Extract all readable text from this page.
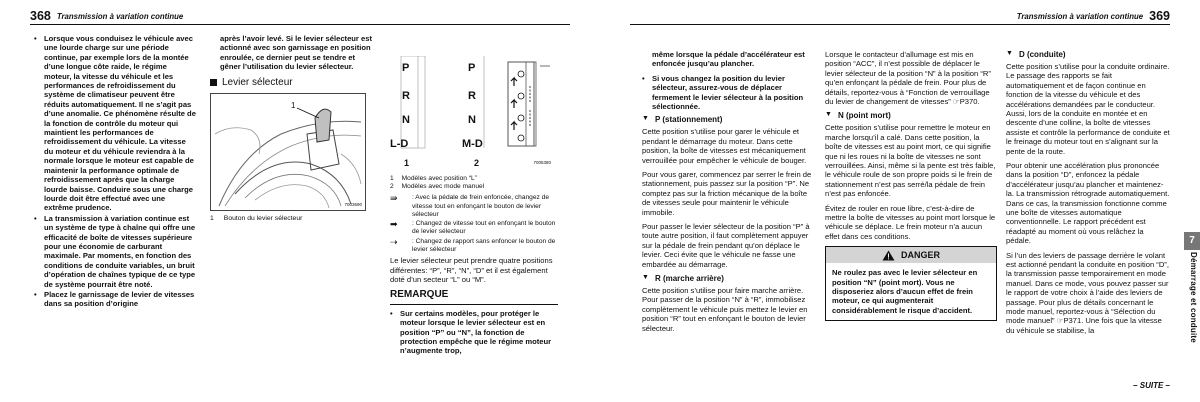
368 Transmission à variation continue
• Lorsque vous conduisez le véhicule avec une lourde charge sur une période continue, par exemple lors de la montée d’une longue côte raide, le régime moteur, la vitesse du véhicule et les performances de refroidissement du système de climatiseur peuvent être réduits automatiquement. Il ne s’agit pas d’une anomalie. Ce phénomène résulte de la fonction de contrôle du moteur qui maintient les performances de refroidissement du véhicule. La vitesse du moteur et du véhicule reviendra à la normale lorsque le moteur est capable de maintenir la performance optimale de refroidissement après que la charge lourde baisse. Conduire sous une charge lourde doit être effectué avec une extrême prudence.
• La transmission à variation continue est un système de type à chaîne qui offre une efficacité de boîte de vitesses supérieure pour une économie de carburant maximale. Par moments, en fonction des conditions de conduite variables, un bruit d’opération de chaînes typique de ce type de système pourrait être noté.
• Placez le garnissage de levier de vitesses dans sa position d’origine

après l’avoir levé. Si le levier sélecteur est actionné avec son garnissage en position enroulée, ce dernier peut se tendre et gêner l’utilisation du levier sélecteur.

Levier sélecteur
1
7003690
1 Bouton du levier sélecteur
P
R
N
L-D
P
R
N
M-D
1	2	7005380
1 Modèles avec position “L”
2 Modèles avec mode manuel
⇛	: Avec la pédale de frein enfoncée, changez de vitesse tout en enfonçant le bouton de levier sélecteur
➡	: Changez de vitesse tout en enfonçant le bouton de levier sélecteur
⇢	: Changez de rapport sans enfoncer le bouton de levier sélecteur

Le levier sélecteur peut prendre quatre positions différentes: “P”, “R”, “N”, “D” et il est également doté d’un secteur “L” ou “M”.

REMARQUE
• Sur certains modèles, pour protéger le moteur lorsque le levier sélecteur est en position “P” ou “N”, la fonction de protection empêche que le régime moteur n’augmente trop,
Transmission à variation continue 369

même lorsque la pédale d’accélérateur est enfoncée jusqu’au plancher.

• Si vous changez la position du levier sélecteur, assurez-vous de déplacer fermement le levier sélecteur à la position sélectionnée.
▼ P (stationnement)

Cette position s’utilise pour garer le véhicule et pendant le démarrage du moteur. Dans cette position, la boîte de vitesses est mécaniquement verrouillée pour empêcher le véhicule de bouger.

Pour vous garer, commencez par serrer le frein de stationnement, puis passez sur la position “P”. Ne comptez pas sur la friction mécanique de la boîte de vitesses seule pour maintenir le véhicule immobile.

Pour passer le levier sélecteur de la position “P” à toute autre position, il faut complètement appuyer sur la pédale de frein pendant qu’on déplace le levier. Ceci évite que le véhicule ne fasse une embardée au démarrage.

▼ R (marche arrière)

Cette position s’utilise pour faire marche arrière. Pour passer de la position “N” à “R”, immobilisez complètement le véhicule puis mettez le levier en position “R” tout en enfonçant le bouton de levier sélecteur.

Lorsque le contacteur d’allumage est mis en position “ACC”, il n’est possible de déplacer le levier sélecteur de la position “N” à la position “R” qu’en enfonçant la pédale de frein. Pour plus de détails, reportez-vous à “Fonction de verrouillage du levier de changement de vitesses” ☞P370.

▼ N (point mort)

Cette position s’utilise pour remettre le moteur en marche lorsqu’il a calé. Dans cette position, la boîte de vitesses est au point mort, ce qui signifie que ni les roues ni la boîte de vitesses ne sont verrouillées. Ainsi, même si la pente est très faible, le véhicule roule de son propre poids si le frein de stationnement n’est pas serré/la pédale de frein n’est pas enfoncée.

Évitez de rouler en roue libre, c’est-à-dire de mettre la boîte de vitesses au point mort lorsque le véhicule se déplace. Le frein moteur n’a aucun effet dans ces conditions.

DANGER
Ne roulez pas avec le levier sélecteur en position “N” (point mort). Vous ne disposeriez alors d’aucun effet de frein moteur, ce qui augmenterait considérablement le risque d’accident.
▼ D (conduite)

Cette position s’utilise pour la conduite ordinaire. Le passage des rapports se fait automatiquement et de façon continue en fonction de la vitesse du véhicule et des accélérations demandées par le conducteur. Aussi, lors de la conduite en montée et en descente d’une colline, la boîte de vitesses assiste et contrôle la performance de conduite et le freinage du moteur tout en s’alignant sur la pente de la route.

Pour obtenir une accélération plus prononcée dans la position “D”, enfoncez la pédale d’accélérateur jusqu’au plancher et maintenez-la. La transmission rétrograde automatiquement. Dans ce cas, la transmission fonctionne comme une boîte de vitesses automatique conventionnelle. Le rapport précédent est réadapté au moment où vous relâchez la pédale.

Si l’un des leviers de passage derrière le volant est actionné pendant la conduite en position “D”, la transmission passe temporairement en mode manuel. Dans ce mode, vous pouvez passer sur le rapport de votre choix à l’aide des leviers de passage. Pour plus de détails concernant le mode manuel, reportez-vous à “Sélection du mode manuel” ☞P371. Une fois que la vitesse du véhicule se stabilise, la

7
Démarrage et conduite
– SUITE –
